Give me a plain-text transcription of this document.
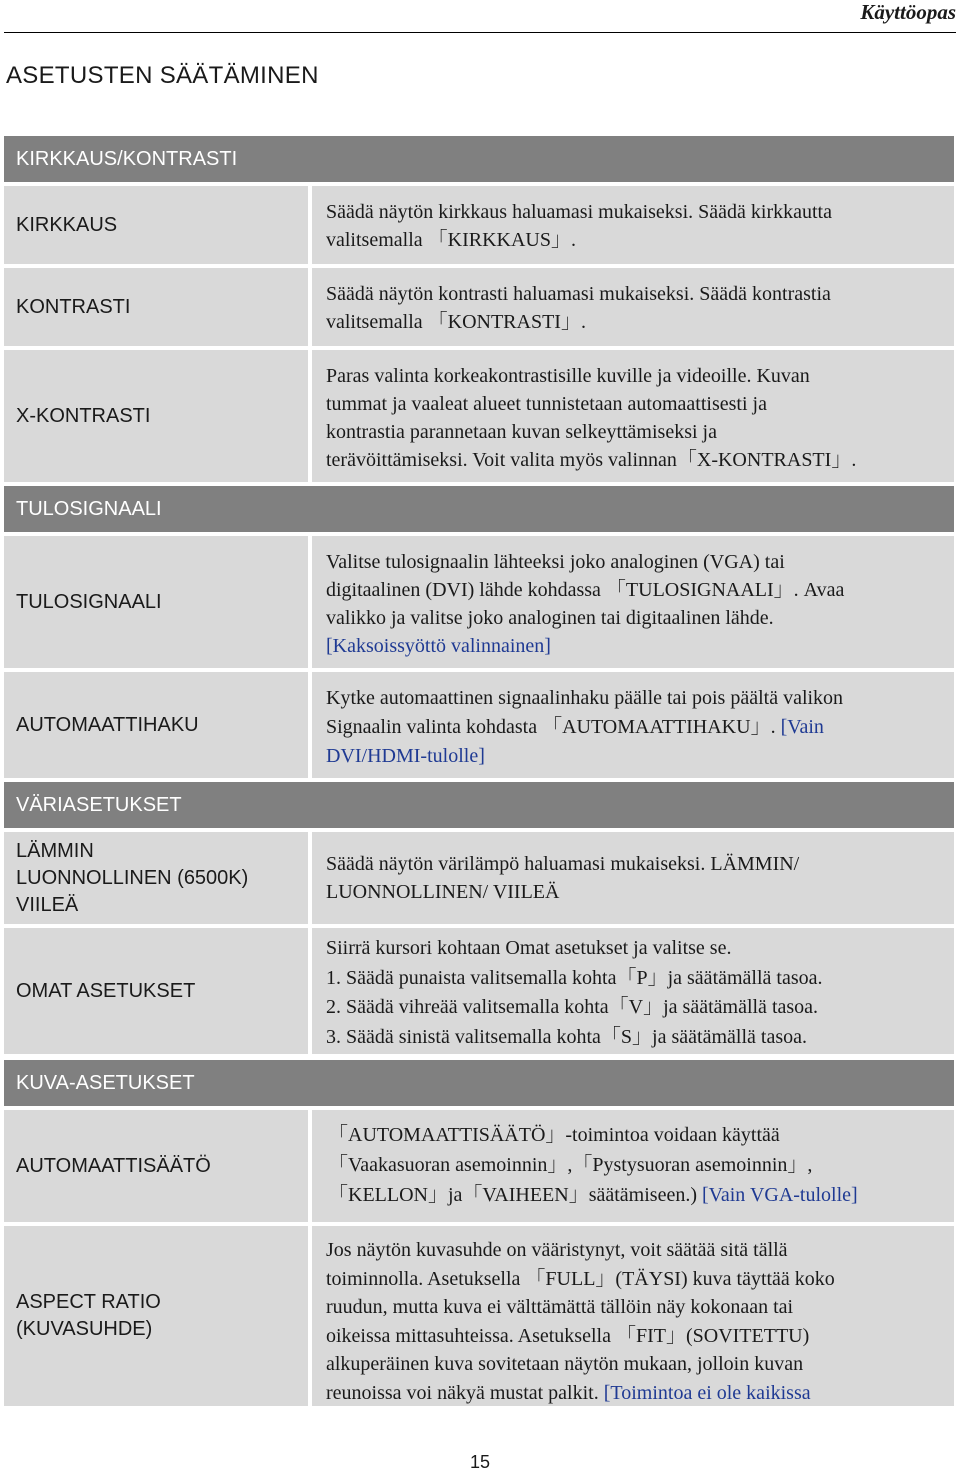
Käyttöopas
ASETUSTEN SÄÄTÄMINEN
KIRKKAUS/KONTRASTI
KIRKKAUS
Säädä näytön kirkkaus haluamasi mukaiseksi. Säädä kirkkautta
valitsemalla 「KIRKKAUS」.
KONTRASTI
Säädä näytön kontrasti haluamasi mukaiseksi. Säädä kontrastia
valitsemalla 「KONTRASTI」.
X-KONTRASTI
Paras valinta korkeakontrastisille kuville ja videoille. Kuvan
tummat ja vaaleat alueet tunnistetaan automaattisesti ja
kontrastia parannetaan kuvan selkeyttämiseksi ja
terävöittämiseksi. Voit valita myös valinnan「X-KONTRASTI」.
TULOSIGNAALI
TULOSIGNAALI
Valitse tulosignaalin lähteeksi joko analoginen (VGA) tai
digitaalinen (DVI) lähde kohdassa 「TULOSIGNAALI」. Avaa
valikko ja valitse joko analoginen tai digitaalinen lähde.
[Kaksoissyöttö valinnainen]
AUTOMAATTIHAKU
Kytke automaattinen signaalinhaku päälle tai pois päältä valikon
Signaalin valinta kohdasta 「AUTOMAATTIHAKU」. [Vain
DVI/HDMI-tulolle]
VÄRIASETUKSET
LÄMMIN
LUONNOLLINEN (6500K)
VIILEÄ
Säädä näytön värilämpö haluamasi mukaiseksi. LÄMMIN/
LUONNOLLINEN/ VIILEÄ
OMAT ASETUKSET
Siirrä kursori kohtaan Omat asetukset ja valitse se.
1. Säädä punaista valitsemalla kohta「P」ja säätämällä tasoa.
2. Säädä vihreää valitsemalla kohta「V」ja säätämällä tasoa.
3. Säädä sinistä valitsemalla kohta「S」ja säätämällä tasoa.
KUVA-ASETUKSET
AUTOMAATTISÄÄTÖ
「AUTOMAATTISÄÄTÖ」-toimintoa voidaan käyttää
「Vaakasuoran asemoinnin」,「Pystysuoran asemoinnin」,
「KELLON」ja「VAIHEEN」säätämiseen.) [Vain VGA-tulolle]
ASPECT RATIO
(KUVASUHDE)
Jos näytön kuvasuhde on vääristynyt, voit säätää sitä tällä
toiminnolla. Asetuksella 「FULL」(TÄYSI) kuva täyttää koko
ruudun, mutta kuva ei välttämättä tällöin näy kokonaan tai
oikeissa mittasuhteissa. Asetuksella 「FIT」(SOVITETTU)
alkuperäinen kuva sovitetaan näytön mukaan, jolloin kuvan
reunoissa voi näkyä mustat palkit. [Toimintoa ei ole kaikissa
15
